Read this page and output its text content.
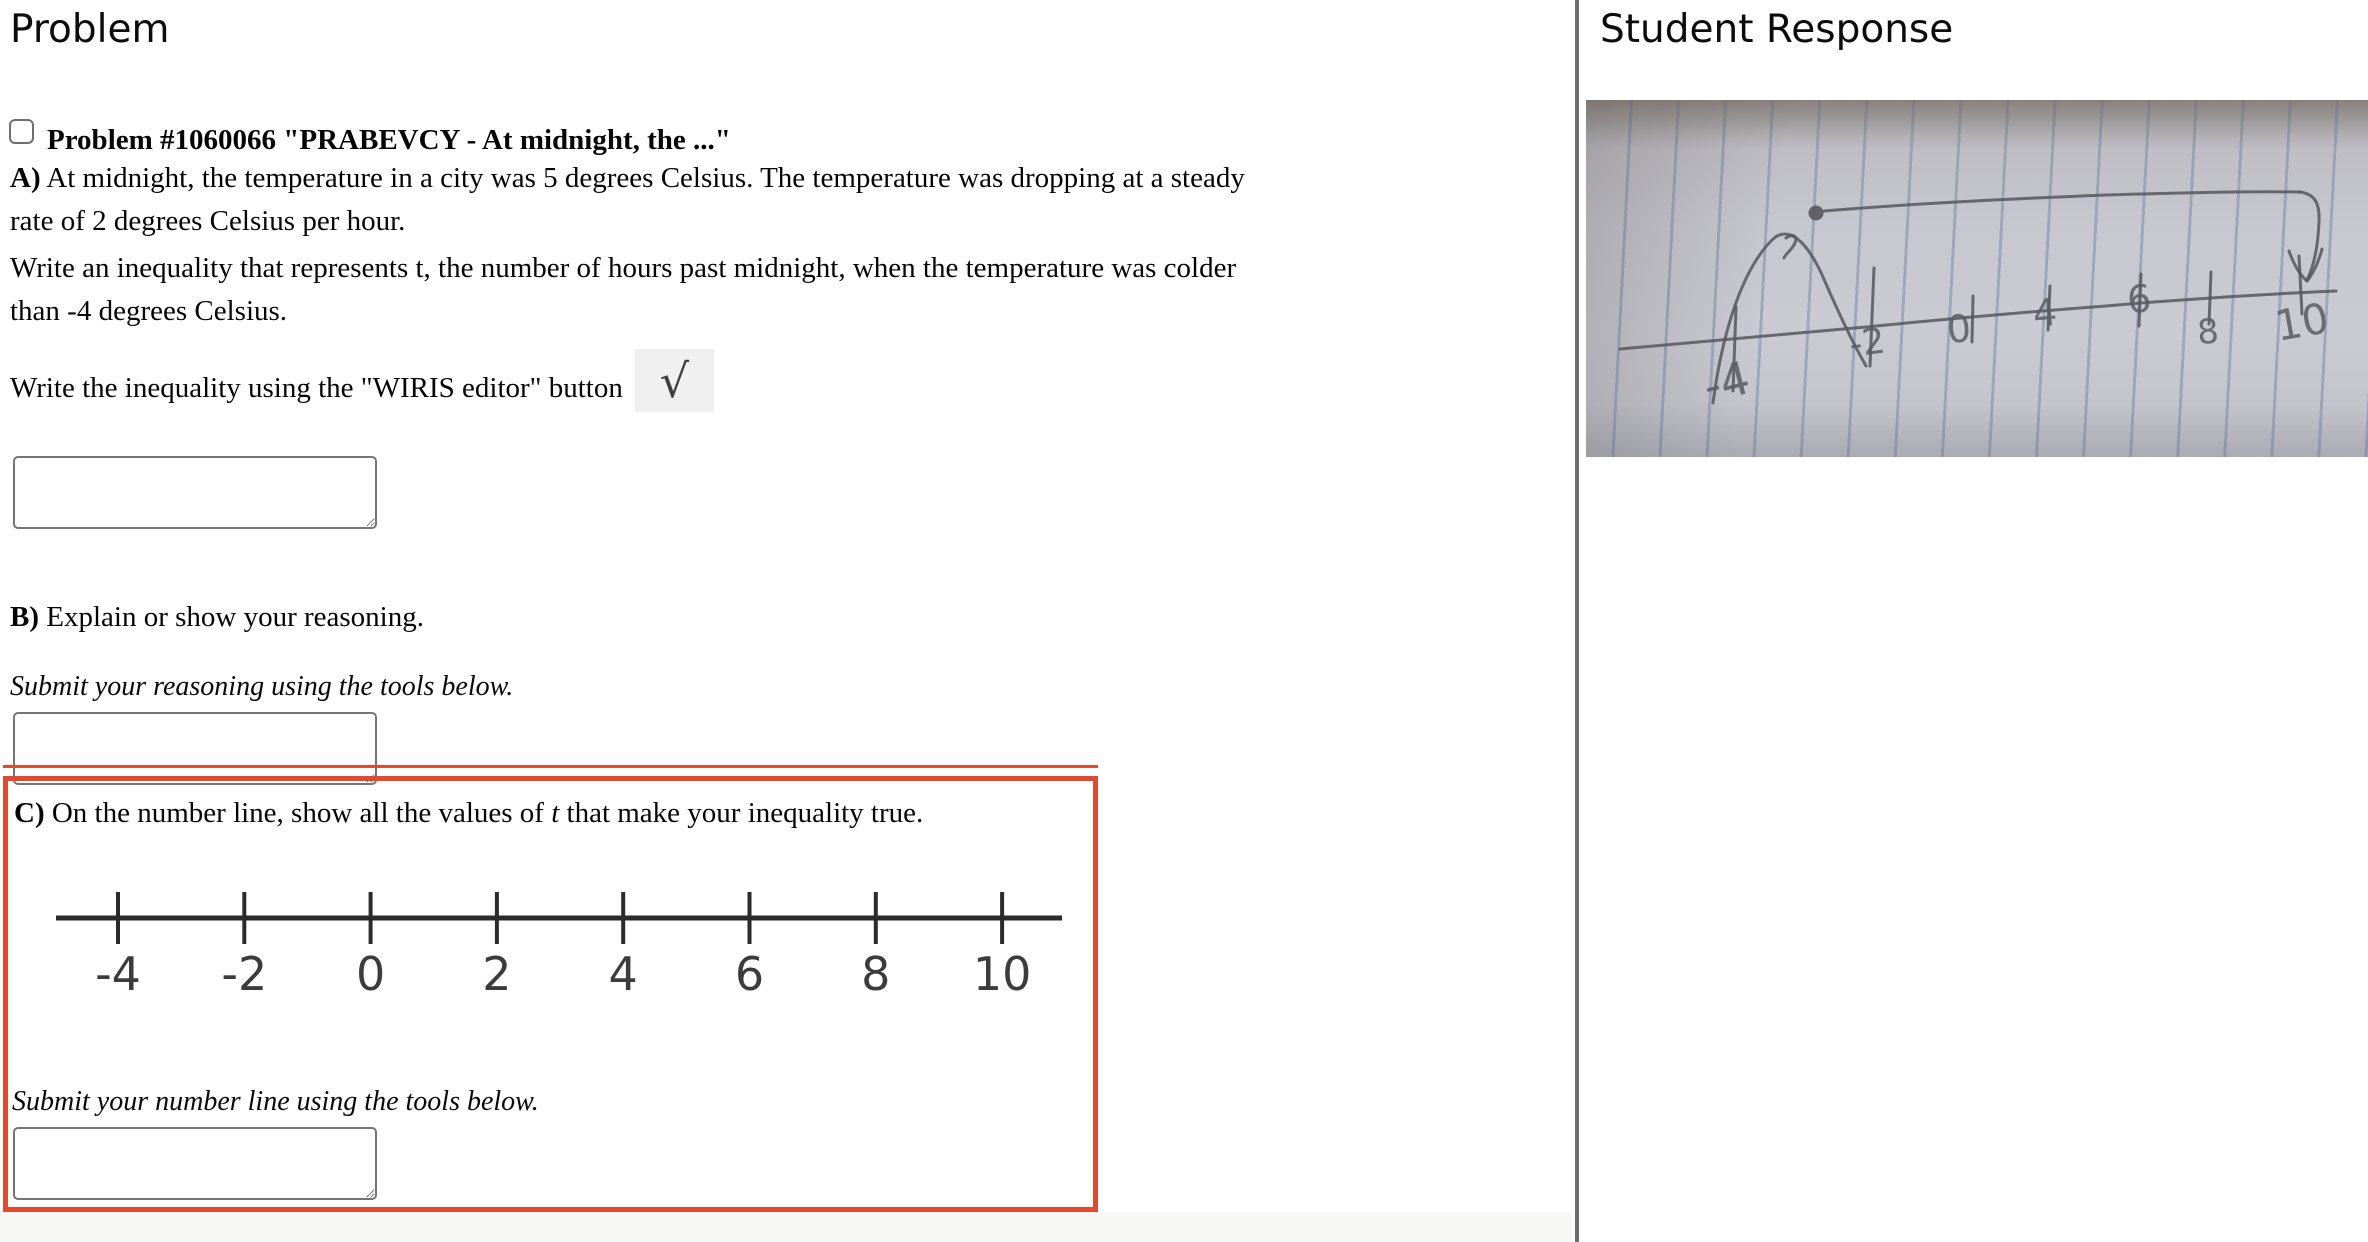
Problem
Problem #1060066 "PRABEVCY - At midnight, the ..."
A) At midnight, the temperature in a city was 5 degrees Celsius. The temperature was dropping at a steady
rate of 2 degrees Celsius per hour.
Write an inequality that represents t, the number of hours past midnight, when the temperature was colder
than -4 degrees Celsius.
Write the inequality using the "WIRIS editor" button √
B) Explain or show your reasoning.
Submit your reasoning using the tools below.
C) On the number line, show all the values of t that make your inequality true.
-4 -2 0 2 4 6 8 10
Submit your number line using the tools below.
Student Response
-4
-2 0 4 6
8 10
